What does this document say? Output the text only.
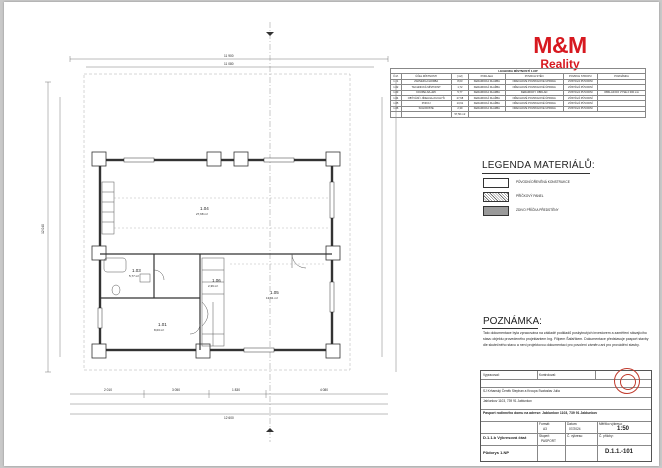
11 900
11 080
12 040
12 600
2 010	3 050	1 830	4 080
1.04
27,68 m²
1.03
5,77 m²
1.06
2,39 m²
1.05
13,91 m²
1.01
8,03 m²
M&M
Reality
LEGENDA MÍSTNOSTÍ 1.NP						
Č.M.	ÚČEL MÍSTNOSTI	[m2]	PODLAHA	POVRCH STĚN	POVRCH STROPU	POZNÁMKA
1.01	ZÁDVEŘÍ+CHODBA	8,03	KERAMICKÁ DLAŽBA	OŘECHOVÉ POVRCHOVÉ ÚPRAVA	ZŮSTÁVÁ PŮVODNÍ	
1.02	TECHNICKÁ MÍSTNOST	1,72	KERAMICKÁ DLAŽBA	OŘECHOVÉ POVRCHOVÉ ÚPRAVA	ZŮSTÁVÁ PŮVODNÍ	
1.03	KOUPELNA+WC	5,77	KERAMICKÁ DLAŽBA	KERAMICKÝ OBKLAD	ZŮSTÁVÁ PŮVODNÍ	OBKLAD DO VÝŠE 2 000 mm
1.04	OBÝVÁNÍ / JÍDELNA+KUCHYŇ	27,68	KERAMICKÁ DLAŽBA	OŘECHOVÉ POVRCHOVÉ ÚPRAVA	ZŮSTÁVÁ PŮVODNÍ	
1.05	POKOJ	13,91	KERAMICKÁ DLAŽBA	OŘECHOVÉ POVRCHOVÉ ÚPRAVA	ZŮSTÁVÁ PŮVODNÍ	
1.06	SCHODIŠTĚ	2,39	KERAMICKÁ DLAŽBA	OŘECHOVÉ POVRCHOVÉ ÚPRAVA	ZŮSTÁVÁ PŮVODNÍ	
		57,50 m2				
LEGENDA MATERIÁLŮ:
PŮVODNÍ DŘEVĚNÁ KONSTRUKCE
PŘÍČKOVÝ PANEL
ZDIVO PŘÍČKA PŘEDSTĚNY
POZNÁMKA:
Tato dokumentace byla zpracována na základě podkladů poskytnutých investorem a zaměření stávajícího stavu objektu provedeného projektantem Ing. Filipem Šafaříkem. Dokumentace představuje pasport stavby dle skutečného stavu a není projektovou dokumentací pro povolení záměru ani pro provádění stavby.
Vypracoval:	Kontroloval:
SJ Krňanský Čeněk Stephan a Kroupa Svatoslav Julia
Jablunkov 1103, 739 91 Jablunkov
Pasport rodinného domu na adrese: Jablunkov 1103, 739 91 Jablunkov
Formát:
A3
Datum:
07/2024
Měřítko výkresu:
1:50
D.1.1.b Výkresová část	Stupeň:
PASPORT
Č. výkresu:	Č. přílohy:
Půdorys 1.NP	D.1.1.-101
